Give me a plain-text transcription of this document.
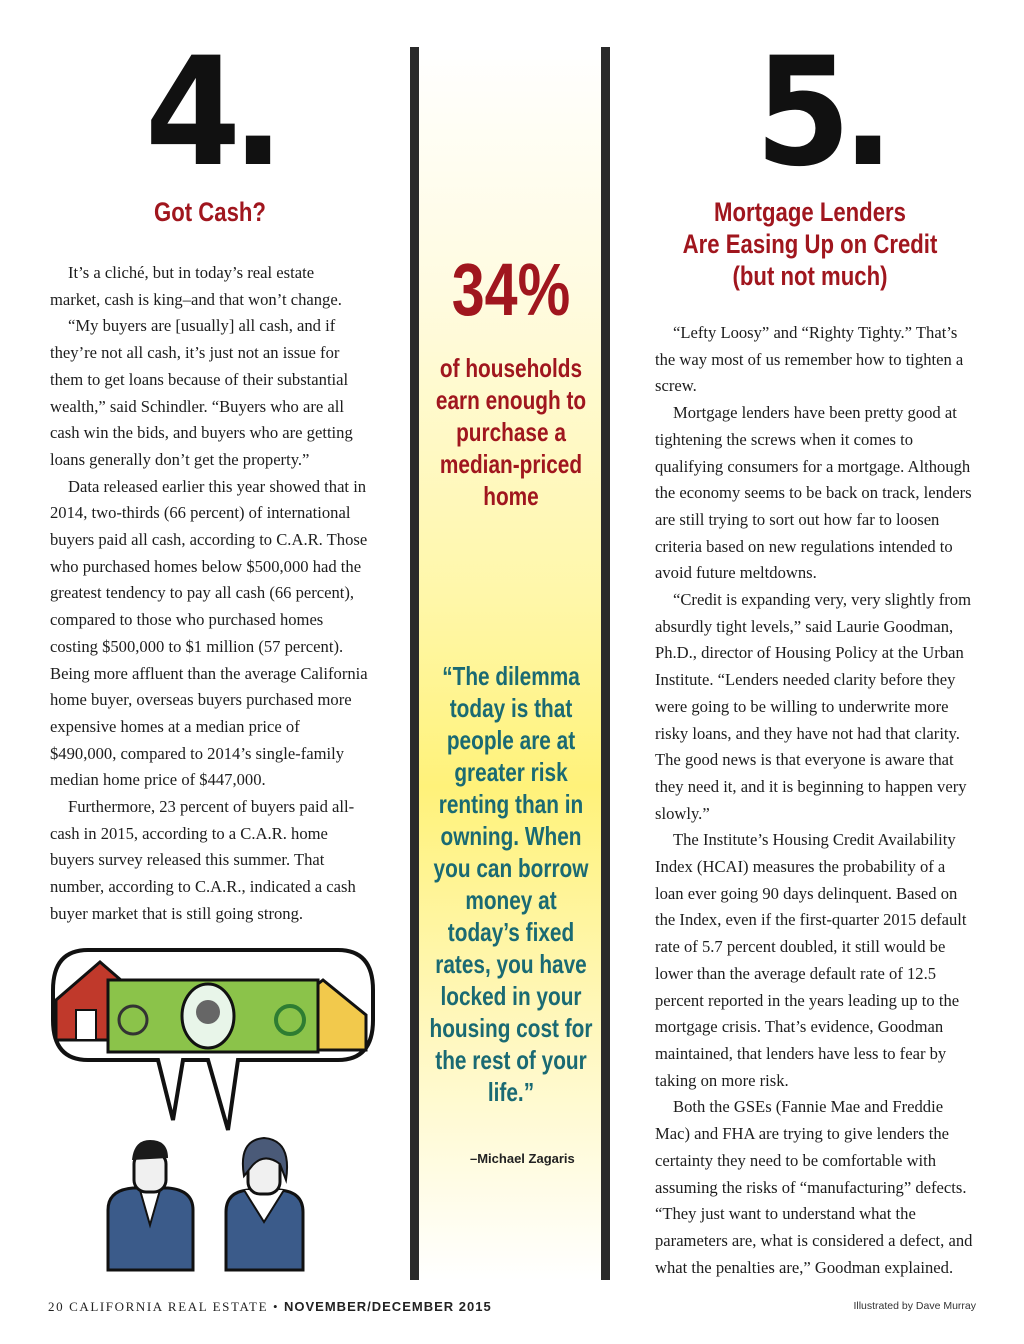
4.	5.
Got Cash?	Mortgage Lenders
Are Easing Up on Credit
(but not much)

It’s a cliché, but in today’s real estate market, cash is king–and that won’t change.

“My buyers are [usually] all cash, and if they’re not all cash, it’s just not an issue for them to get loans because of their substantial wealth,” said Schindler. “Buyers who are all cash win the bids, and buyers who are getting loans generally don’t get the property.”

Data released earlier this year showed that in 2014, two-thirds (66 percent) of international buyers paid all cash, according to C.A.R. Those who purchased homes below $500,000 had the greatest tendency to pay all cash (66 percent), compared to those who purchased homes costing $500,000 to $1 million (57 percent). Being more affluent than the average California home buyer, overseas buyers purchased more expensive homes at a median price of $490,000, compared to 2014’s single-family median home price of $447,000.

Furthermore, 23 percent of buyers paid all-cash in 2015, according to a C.A.R. home buyers survey released this summer. That number, according to C.A.R., indicated a cash buyer market that is still going strong.

34%
of households earn enough to purchase a median-priced home
“The dilemma today is that people are at greater risk renting than in owning. When you can borrow money at today’s fixed rates, you have locked in your housing cost for the rest of your life.”
–Michael Zagaris

“Lefty Loosy” and “Righty Tighty.” That’s the way most of us remember how to tighten a screw.

Mortgage lenders have been pretty good at tightening the screws when it comes to qualifying consumers for a mortgage. Although the economy seems to be back on track, lenders are still trying to sort out how far to loosen criteria based on new regulations intended to avoid future meltdowns.

“Credit is expanding very, very slightly from absurdly tight levels,” said Laurie Goodman, Ph.D., director of Housing Policy at the Urban Institute. “Lenders needed clarity before they were going to be willing to underwrite more risky loans, and they have not had that clarity. The good news is that everyone is aware that they need it, and it is beginning to happen very slowly.”

The Institute’s Housing Credit Availability Index (HCAI) measures the probability of a loan ever going 90 days delinquent. Based on the Index, even if the first-quarter 2015 default rate of 5.7 percent doubled, it still would be lower than the average default rate of 12.5 percent reported in the years leading up to the mortgage crisis. That’s evidence, Goodman maintained, that lenders have less to fear by taking on more risk.

Both the GSEs (Fannie Mae and Freddie Mac) and FHA are trying to give lenders the certainty they need to be comfortable with assuming the risks of “manufacturing” defects. “They just want to understand what the parameters are, what is considered a defect, and what the penalties are,” Goodman explained.

20 CALIFORNIA REAL ESTATE • NOVEMBER/DECEMBER 2015	Illustrated by Dave Murray
